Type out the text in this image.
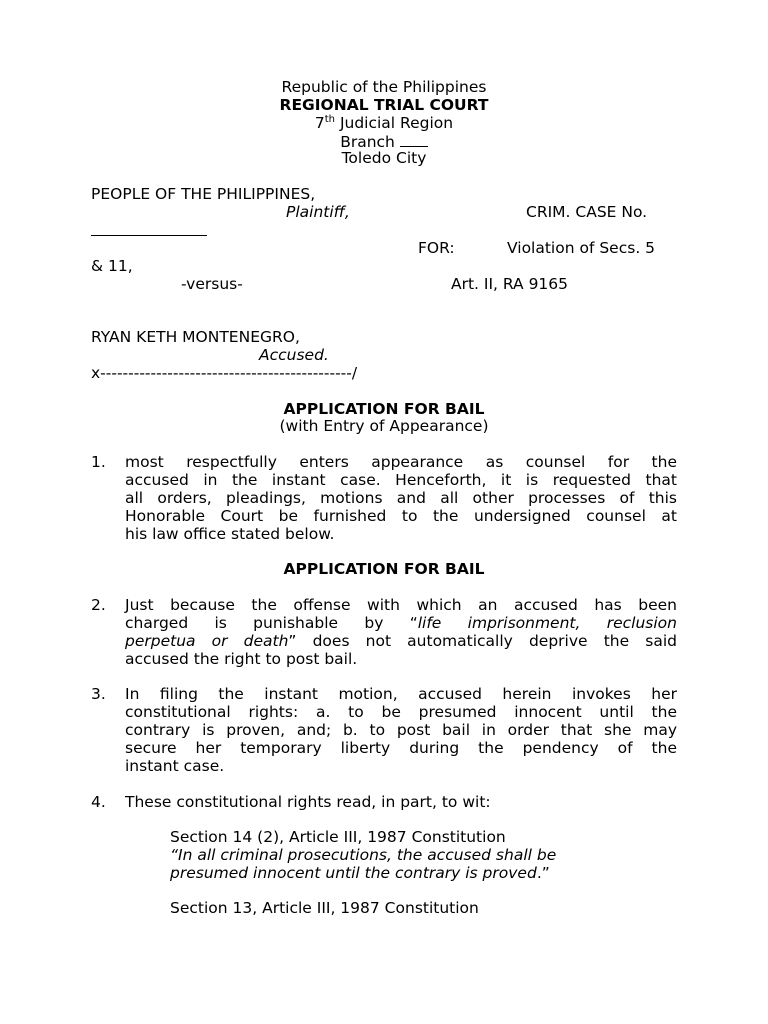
Republic of the Philippines
REGIONAL TRIAL COURT
7th Judicial Region
Branch
Toledo City
PEOPLE OF THE PHILIPPINES,
Plaintiff,	CRIM. CASE No.
FOR:	Violation of Secs. 5
& 11,
-versus-	Art. II, RA 9165
RYAN KETH MONTENEGRO,
Accused.
x---------------------------------------------/
APPLICATION FOR BAIL
(with Entry of Appearance)
1. most respectfully enters appearance as counsel for the
accused in the instant case. Henceforth, it is requested that
all orders, pleadings, motions and all other processes of this
Honorable Court be furnished to the undersigned counsel at
his law office stated below.
APPLICATION FOR BAIL
2. Just because the offense with which an accused has been
charged is punishable by “life imprisonment, reclusion
perpetua or death” does not automatically deprive the said
accused the right to post bail.
3. In filing the instant motion, accused herein invokes her
constitutional rights: a. to be presumed innocent until the
contrary is proven, and; b. to post bail in order that she may
secure her temporary liberty during the pendency of the
instant case.
4. These constitutional rights read, in part, to wit:
Section 14 (2), Article III, 1987 Constitution
“In all criminal prosecutions, the accused shall be
presumed innocent until the contrary is proved.”
Section 13, Article III, 1987 Constitution
